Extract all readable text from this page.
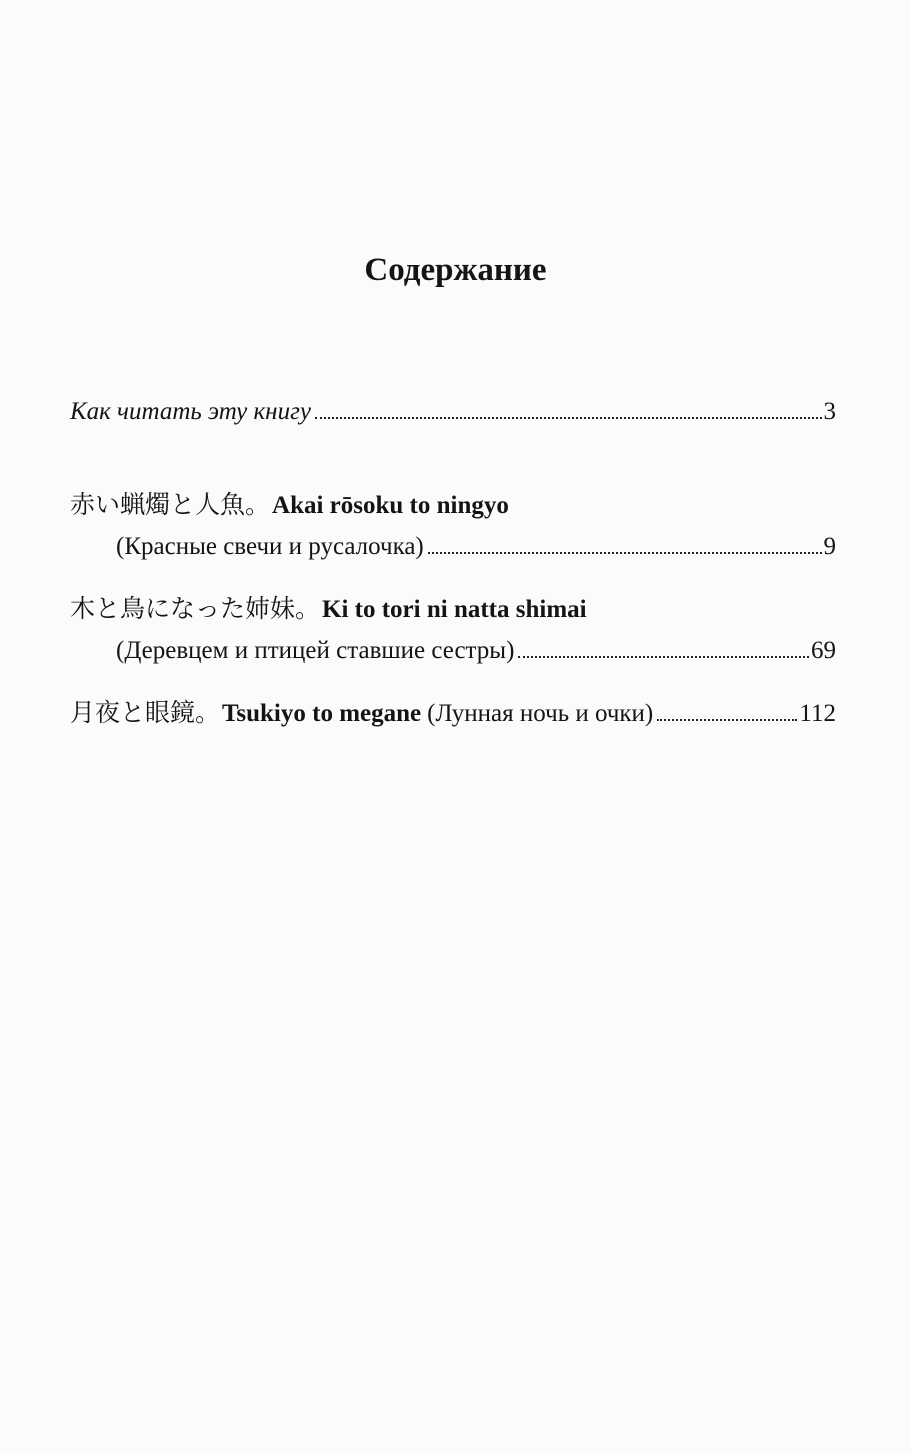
Содержание
Как читать эту книгу	3
赤い蝋燭と人魚。 Akai rōsoku to ningyo
(Красные свечи и русалочка)	9
木と鳥になった姉妹。 Ki to tori ni natta shimai
(Деревцем и птицей ставшие сестры)	69
月夜と眼鏡。 Tsukiyo to megane (Лунная ночь и очки)	112
